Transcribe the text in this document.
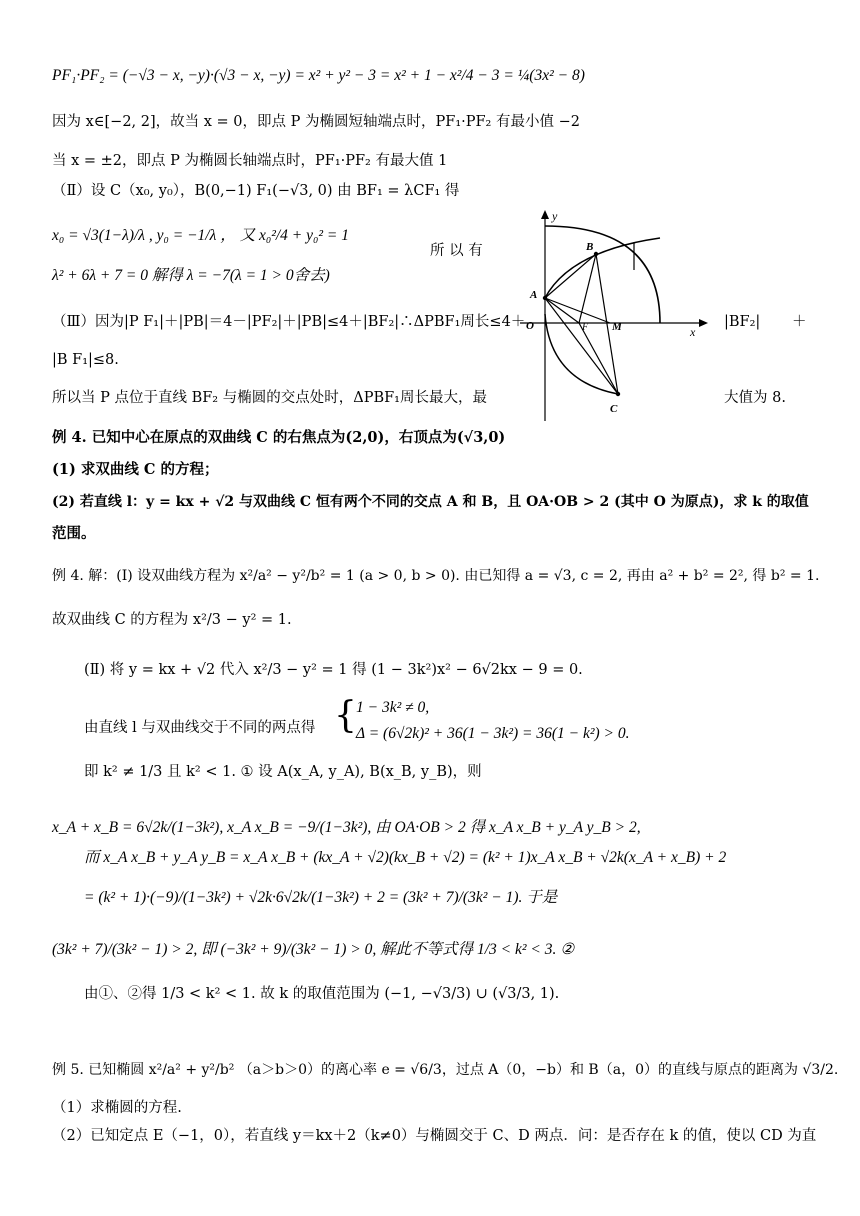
PF₁·PF₂ = (−√3 − x, −y)·(√3 − x, −y) = x² + y² − 3 = x² + 1 − x²/4 − 3 = ¼(3x² − 8)
因为 x∈[−2, 2]，故当 x = 0，即点 P 为椭圆短轴端点时，PF₁·PF₂ 有最小值 −2
当 x = ±2，即点 P 为椭圆长轴端点时，PF₁·PF₂ 有最大值 1
（Ⅱ）设 C（x₀, y₀），B(0,−1) F₁(−√3, 0) 由 BF₁ = λCF₁ 得
x₀ = √3(1−λ)/λ , y₀ = −1/λ ， 又 x₀²/4 + y₀² = 1
所 以 有
λ² + 6λ + 7 = 0 解得 λ = −7(λ = 1 > 0舍去)
（Ⅲ）因为|P F₁|＋|PB|＝4－|PF₂|＋|PB|≤4＋|BF₂|∴ΔPBF₁周长≤4＋	|BF₂| ＋
|B F₁|≤8.
所以当 P 点位于直线 BF₂ 与椭圆的交点处时，ΔPBF₁周长最大，最	大值为 8.
y
x
B
A
O	F M
C
例 4. 已知中心在原点的双曲线 C 的右焦点为(2,0)，右顶点为(√3,0)
(1) 求双曲线 C 的方程；
(2) 若直线 l：y = kx + √2 与双曲线 C 恒有两个不同的交点 A 和 B，且 OA·OB > 2 (其中 O 为原点)，求 k 的取值
范围。
例 4. 解：(Ⅰ) 设双曲线方程为 x²/a² − y²/b² = 1 (a > 0, b > 0). 由已知得 a = √3, c = 2, 再由 a² + b² = 2², 得 b² = 1.
故双曲线 C 的方程为 x²/3 − y² = 1.
(Ⅱ) 将 y = kx + √2 代入 x²/3 − y² = 1 得 (1 − 3k²)x² − 6√2kx − 9 = 0.
由直线 l 与双曲线交于不同的两点得 { 1 − 3k² ≠ 0,
Δ = (6√2k)² + 36(1 − 3k²) = 36(1 − k²) > 0.
即 k² ≠ 1/3 且 k² < 1. ① 设 A(x_A, y_A), B(x_B, y_B)，则
x_A + x_B = 6√2k/(1−3k²), x_A x_B = −9/(1−3k²), 由 OA·OB > 2 得 x_A x_B + y_A y_B > 2,
而 x_A x_B + y_A y_B = x_A x_B + (kx_A + √2)(kx_B + √2) = (k² + 1)x_A x_B + √2k(x_A + x_B) + 2
= (k² + 1)·(−9)/(1−3k²) + √2k·6√2k/(1−3k²) + 2 = (3k² + 7)/(3k² − 1). 于是
(3k² + 7)/(3k² − 1) > 2, 即 (−3k² + 9)/(3k² − 1) > 0, 解此不等式得 1/3 < k² < 3. ②
由①、②得 1/3 < k² < 1. 故 k 的取值范围为 (−1, −√3/3) ∪ (√3/3, 1).
例 5. 已知椭圆 x²/a² + y²/b² （a＞b＞0）的离心率 e = √6/3，过点 A（0，−b）和 B（a，0）的直线与原点的距离为 √3/2.
（1）求椭圆的方程.
（2）已知定点 E（−1，0），若直线 y＝kx＋2（k≠0）与椭圆交于 C、D 两点．问：是否存在 k 的值，使以 CD 为直
